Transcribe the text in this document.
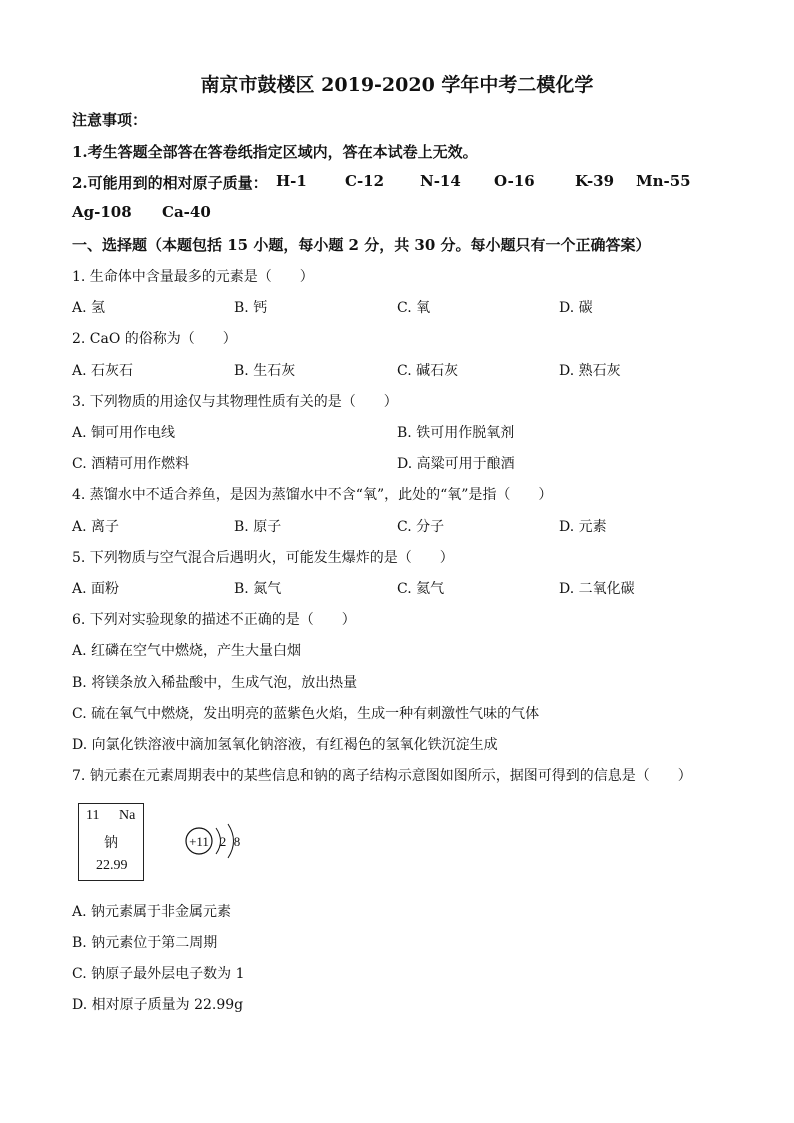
南京市鼓楼区 2019-2020 学年中考二模化学
注意事项：
1.考生答题全部答在答卷纸指定区域内，答在本试卷上无效。
2.可能用到的相对原子质量： H-1	C-12 N-14 O-16	K-39 Mn-55
Ag-108 Ca-40
一、选择题（本题包括 15 小题，每小题 2 分，共 30 分。每小题只有一个正确答案）
1. 生命体中含量最多的元素是（　　）
A. 氢	B. 钙	C. 氧	D. 碳
2. CaO 的俗称为（　　）
A. 石灰石	B. 生石灰	C. 碱石灰	D. 熟石灰
3. 下列物质的用途仅与其物理性质有关的是（　　）
A. 铜可用作电线	B. 铁可用作脱氧剂
C. 酒精可用作燃料	D. 高粱可用于酿酒
4. 蒸馏水中不适合养鱼，是因为蒸馏水中不含“氧”，此处的“氧”是指（　　）
A. 离子	B. 原子	C. 分子	D. 元素
5. 下列物质与空气混合后遇明火，可能发生爆炸的是（　　）
A. 面粉	B. 氮气	C. 氦气	D. 二氧化碳
6. 下列对实验现象的描述不正确的是（　　）
A. 红磷在空气中燃烧，产生大量白烟
B. 将镁条放入稀盐酸中，生成气泡，放出热量
C. 硫在氧气中燃烧，发出明亮的蓝紫色火焰，生成一种有刺激性气味的气体
D. 向氯化铁溶液中滴加氢氧化钠溶液，有红褐色的氢氧化铁沉淀生成
7. 钠元素在元素周期表中的某些信息和钠的离子结构示意图如图所示，据图可得到的信息是（　　）
11 Na
钠
22.99
+11 2 8
A. 钠元素属于非金属元素
B. 钠元素位于第二周期
C. 钠原子最外层电子数为 1
D. 相对原子质量为 22.99g
